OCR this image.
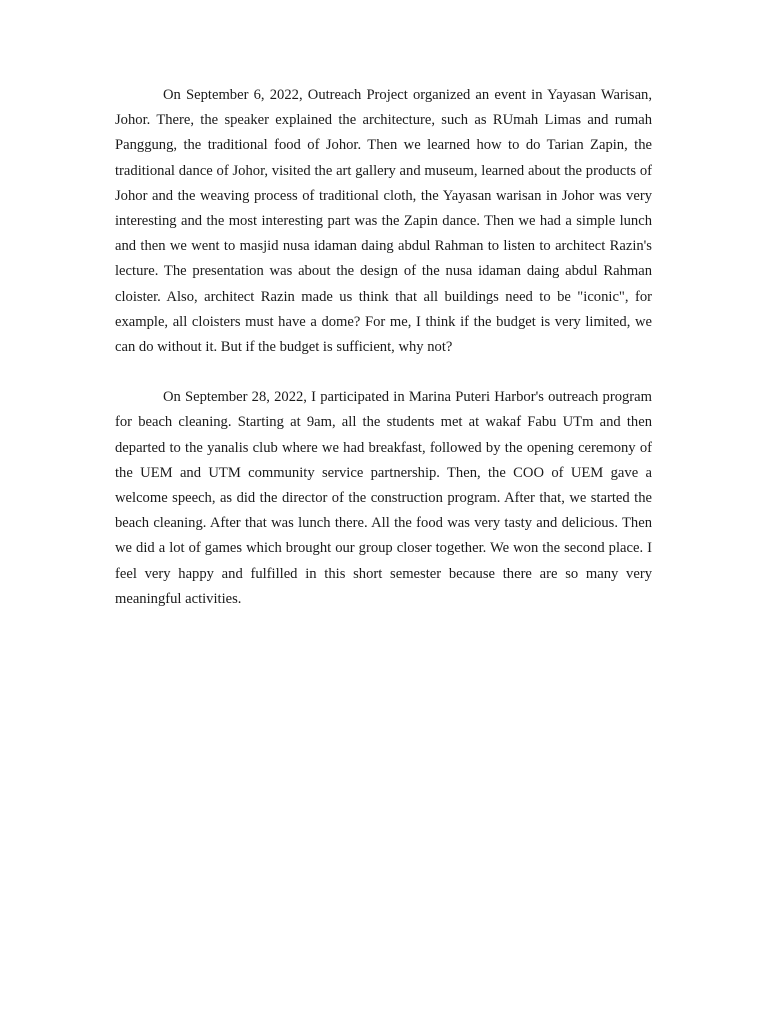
On September 6, 2022, Outreach Project organized an event in Yayasan Warisan, Johor. There, the speaker explained the architecture, such as RUmah Limas and rumah Panggung, the traditional food of Johor. Then we learned how to do Tarian Zapin, the traditional dance of Johor, visited the art gallery and museum, learned about the products of Johor and the weaving process of traditional cloth, the Yayasan warisan in Johor was very interesting and the most interesting part was the Zapin dance. Then we had a simple lunch and then we went to masjid nusa idaman daing abdul Rahman to listen to architect Razin's lecture. The presentation was about the design of the nusa idaman daing abdul Rahman cloister. Also, architect Razin made us think that all buildings need to be "iconic", for example, all cloisters must have a dome? For me, I think if the budget is very limited, we can do without it. But if the budget is sufficient, why not?

On September 28, 2022, I participated in Marina Puteri Harbor's outreach program for beach cleaning. Starting at 9am, all the students met at wakaf Fabu UTm and then departed to the yanalis club where we had breakfast, followed by the opening ceremony of the UEM and UTM community service partnership. Then, the COO of UEM gave a welcome speech, as did the director of the construction program. After that, we started the beach cleaning. After that was lunch there. All the food was very tasty and delicious. Then we did a lot of games which brought our group closer together. We won the second place. I feel very happy and fulfilled in this short semester because there are so many very meaningful activities.
